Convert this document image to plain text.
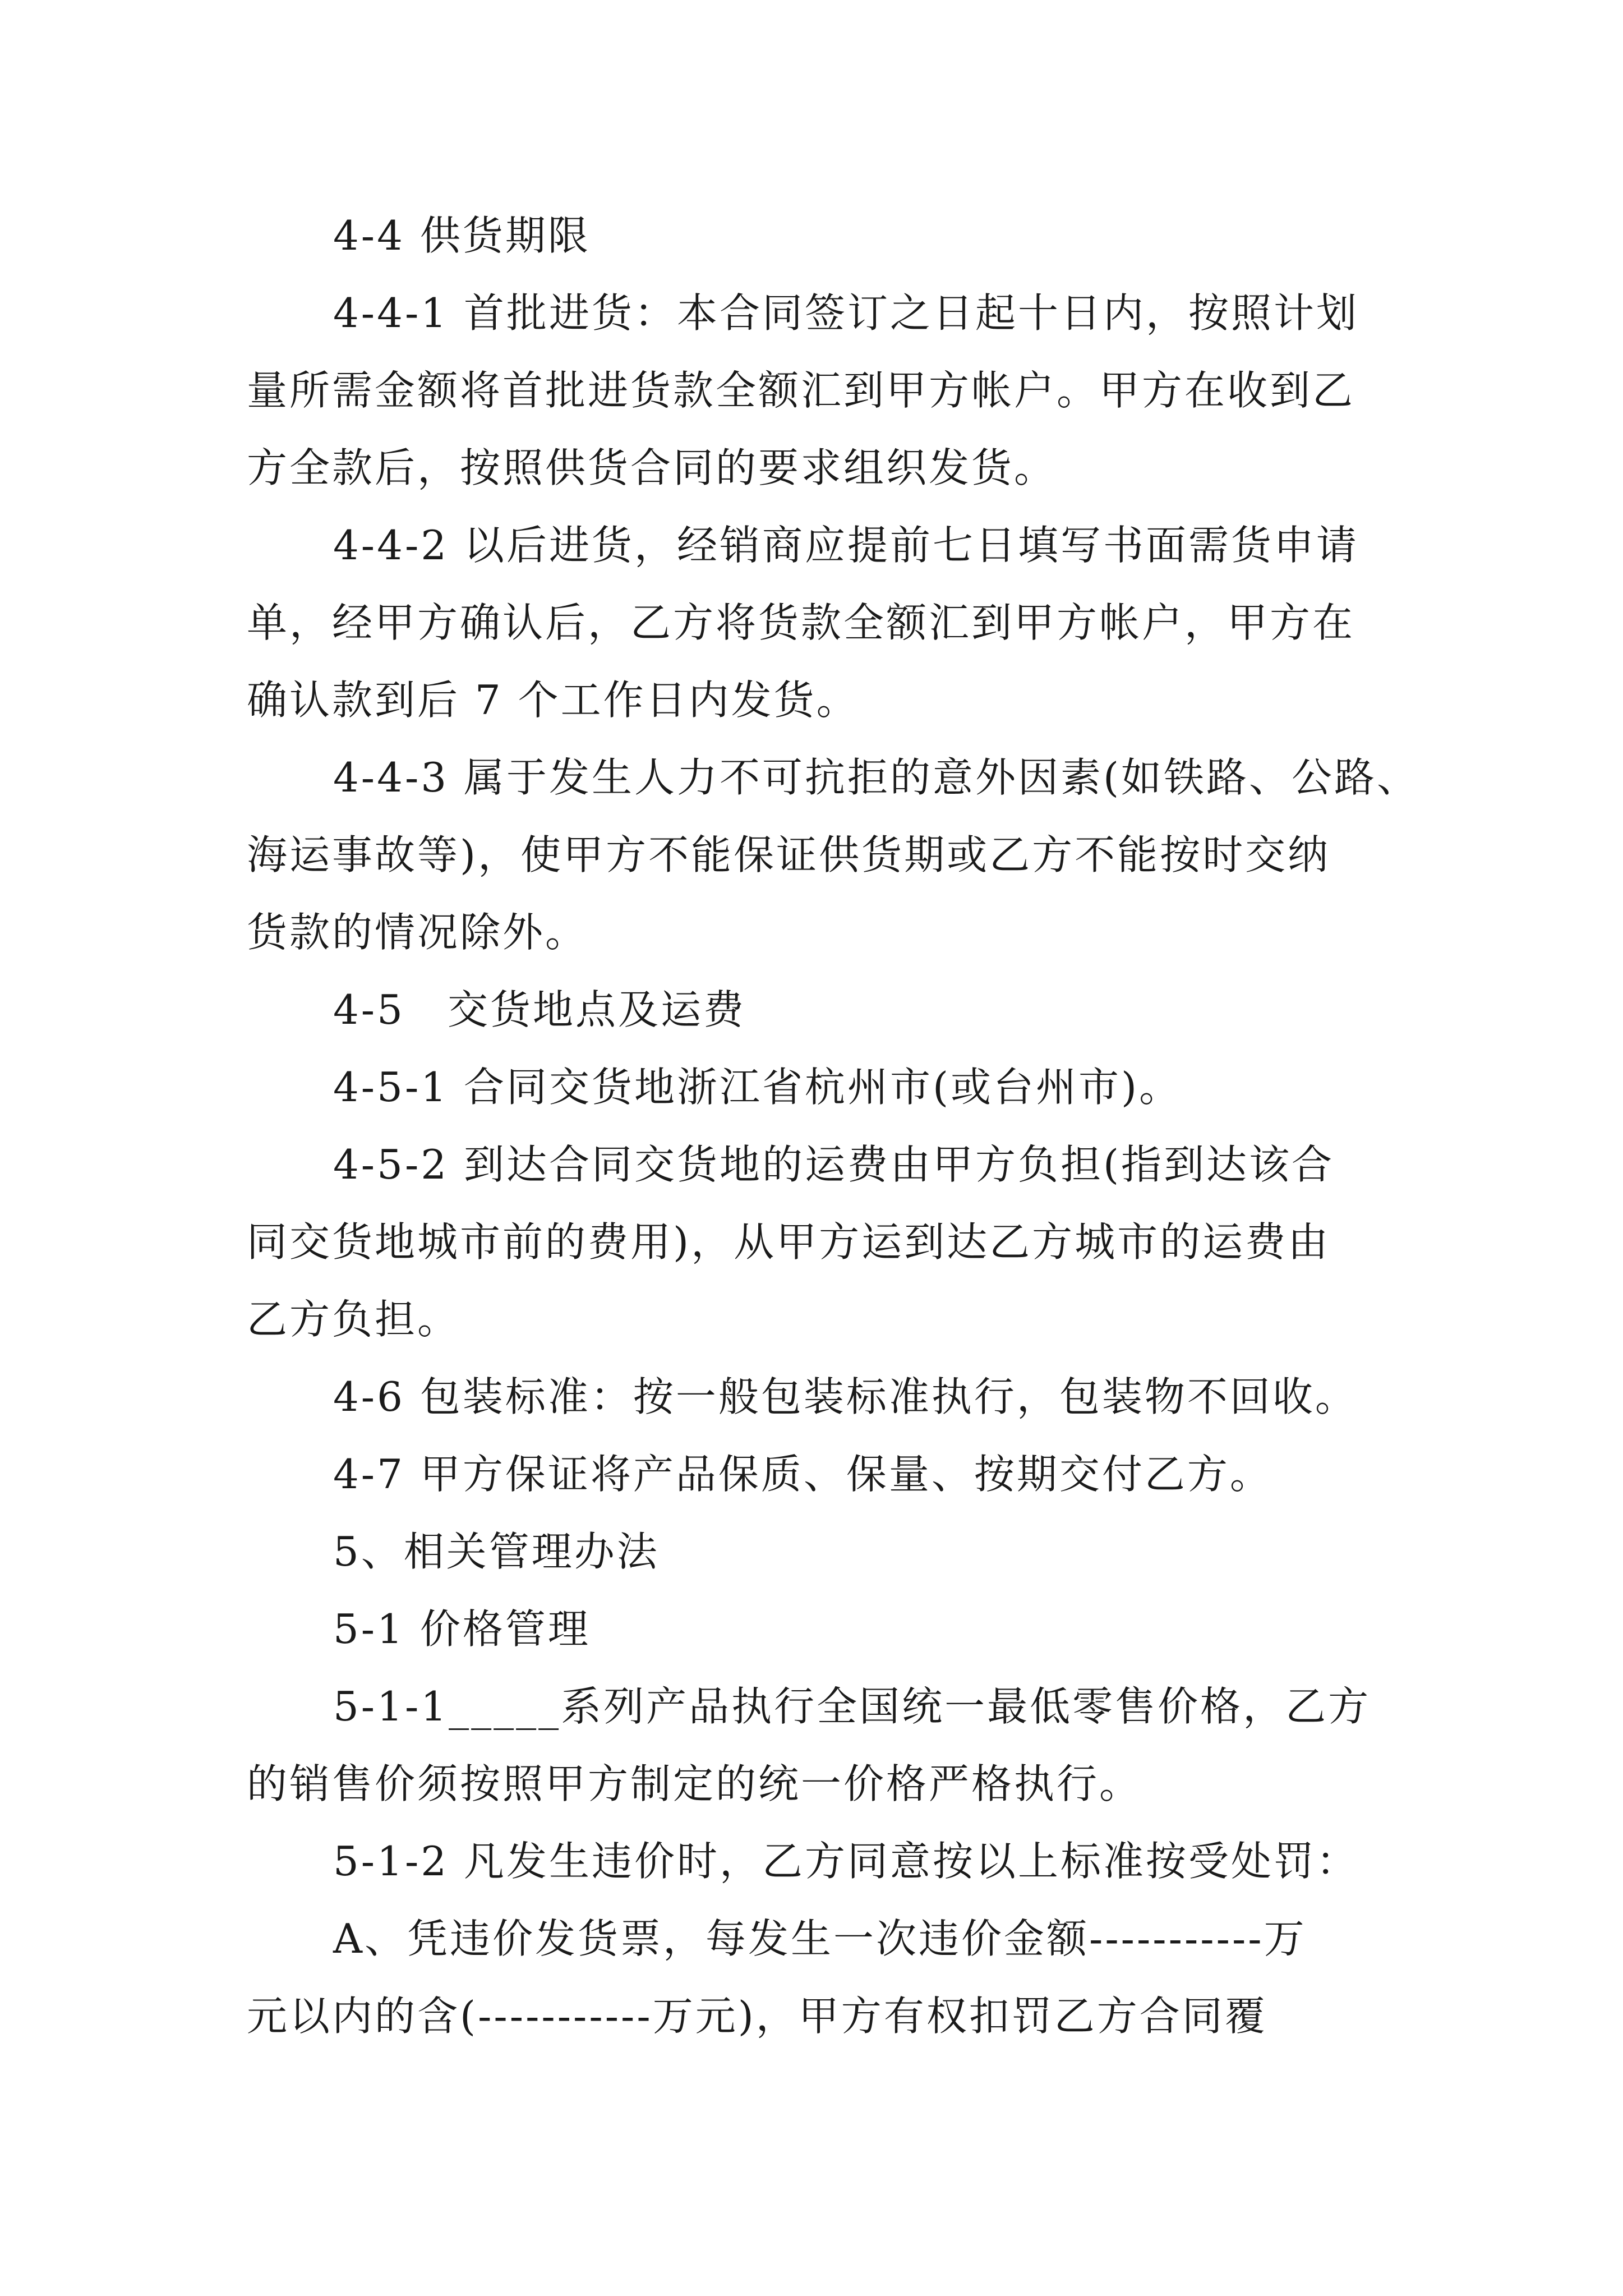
4-4 供货期限
4-4-1 首批进货：本合同签订之日起十日内，按照计划
量所需金额将首批进货款全额汇到甲方帐户。甲方在收到乙
方全款后，按照供货合同的要求组织发货。
4-4-2 以后进货，经销商应提前七日填写书面需货申请
单，经甲方确认后，乙方将货款全额汇到甲方帐户，甲方在
确认款到后 7 个工作日内发货。
4-4-3 属于发生人力不可抗拒的意外因素(如铁路、公路、
海运事故等)，使甲方不能保证供货期或乙方不能按时交纳
货款的情况除外。
4-5　交货地点及运费
4-5-1 合同交货地浙江省杭州市(或台州市)。
4-5-2 到达合同交货地的运费由甲方负担(指到达该合
同交货地城市前的费用)，从甲方运到达乙方城市的运费由
乙方负担。
4-6 包装标准：按一般包装标准执行，包装物不回收。
4-7 甲方保证将产品保质、保量、按期交付乙方。
5、相关管理办法
5-1 价格管理
5-1-1_____系列产品执行全国统一最低零售价格，乙方
的销售价须按照甲方制定的统一价格严格执行。
5-1-2 凡发生违价时，乙方同意按以上标准按受处罚：
A、凭违价发货票，每发生一次违价金额-----------万
元以内的含(-----------万元)，甲方有权扣罚乙方合同覆
